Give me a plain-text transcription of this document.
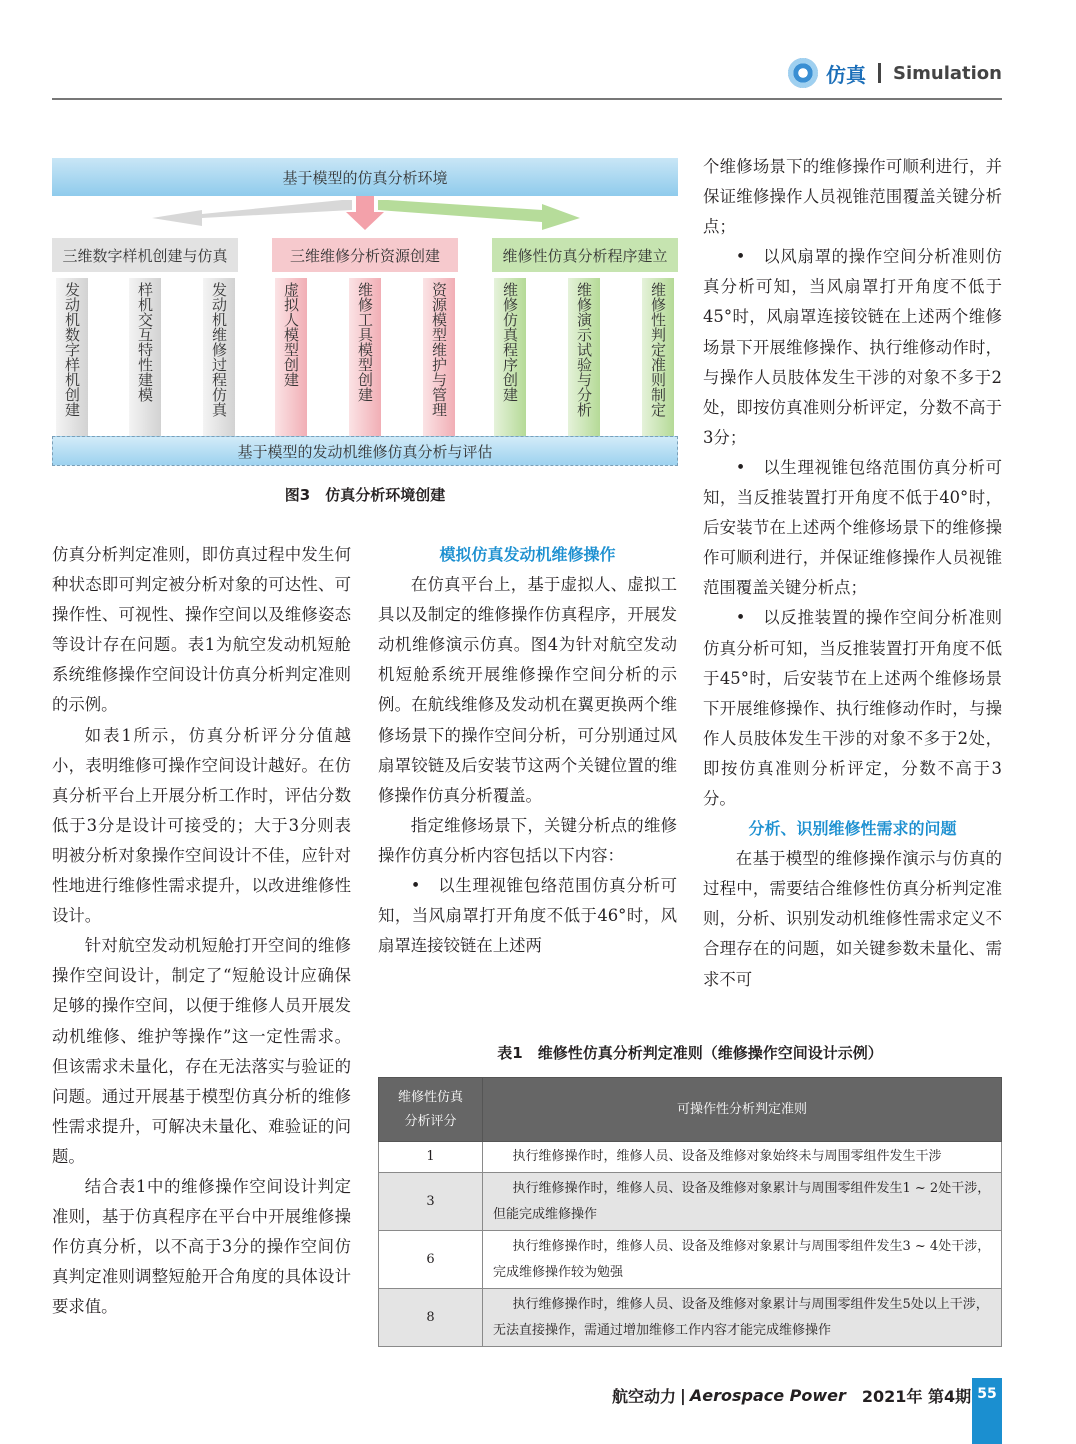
仿真 Simulation
基于模型的仿真分析环境
三维数字样机创建与仿真	三维维修分析资源创建	维修性仿真分析程序建立
发动机数字样机创建	样机交互特性建模	发动机维修过程仿真	虚拟人模型创建	维修工具模型创建	资源模型维护与管理	维修仿真程序创建	维修演示试验与分析	维修性判定准则制定
基于模型的发动机维修仿真分析与评估
图3　仿真分析环境创建

仿真分析判定准则，即仿真过程中发生何种状态即可判定被分析对象的可达性、可操作性、可视性、操作空间以及维修姿态等设计存在问题。表1为航空发动机短舱系统维修操作空间设计仿真分析判定准则的示例。

如表1所示，仿真分析评分分值越小，表明维修可操作空间设计越好。在仿真分析平台上开展分析工作时，评估分数低于3分是设计可接受的；大于3分则表明被分析对象操作空间设计不佳，应针对性地进行维修性需求提升，以改进维修性设计。

针对航空发动机短舱打开空间的维修操作空间设计，制定了“短舱设计应确保足够的操作空间，以便于维修人员开展发动机维修、维护等操作”这一定性需求。但该需求未量化，存在无法落实与验证的问题。通过开展基于模型仿真分析的维修性需求提升，可解决未量化、难验证的问题。

结合表1中的维修操作空间设计判定准则，基于仿真程序在平台中开展维修操作仿真分析，以不高于3分的操作空间仿真判定准则调整短舱开合角度的具体设计要求值。

模拟仿真发动机维修操作

在仿真平台上，基于虚拟人、虚拟工具以及制定的维修操作仿真程序，开展发动机维修演示仿真。图4为针对航空发动机短舱系统开展维修操作空间分析的示例。在航线维修及发动机在翼更换两个维修场景下的操作空间分析，可分别通过风扇罩铰链及后安装节这两个关键位置的维修操作仿真分析覆盖。

指定维修场景下，关键分析点的维修操作仿真分析内容包括以下内容：

•　以生理视锥包络范围仿真分析可知，当风扇罩打开角度不低于46°时，风扇罩连接铰链在上述两

个维修场景下的维修操作可顺利进行，并保证维修操作人员视锥范围覆盖关键分析点；

•　以风扇罩的操作空间分析准则仿真分析可知，当风扇罩打开角度不低于45°时，风扇罩连接铰链在上述两个维修场景下开展维修操作、执行维修动作时，与操作人员肢体发生干涉的对象不多于2处，即按仿真准则分析评定，分数不高于3分；

•　以生理视锥包络范围仿真分析可知，当反推装置打开角度不低于40°时，后安装节在上述两个维修场景下的维修操作可顺利进行，并保证维修操作人员视锥范围覆盖关键分析点；

•　以反推装置的操作空间分析准则仿真分析可知，当反推装置打开角度不低于45°时，后安装节在上述两个维修场景下开展维修操作、执行维修动作时，与操作人员肢体发生干涉的对象不多于2处，即按仿真准则分析评定，分数不高于3分。

分析、识别维修性需求的问题

在基于模型的维修操作演示与仿真的过程中，需要结合维修性仿真分析判定准则，分析、识别发动机维修性需求定义不合理存在的问题，如关键参数未量化、需求不可

表1　维修性仿真分析判定准则（维修操作空间设计示例）
维修性仿真分析评分	可操作性分析判定准则
1	执行维修操作时，维修人员、设备及维修对象始终未与周围零组件发生干涉
3	执行维修操作时，维修人员、设备及维修对象累计与周围零组件发生1 ~ 2处干涉，但能完成维修操作
6	执行维修操作时，维修人员、设备及维修对象累计与周围零组件发生3 ~ 4处干涉，完成维修操作较为勉强
8	执行维修操作时，维修人员、设备及维修对象累计与周围零组件发生5处以上干涉，无法直接操作，需通过增加维修工作内容才能完成维修操作
航空动力 | Aerospace Power 2021年 第4期 55
